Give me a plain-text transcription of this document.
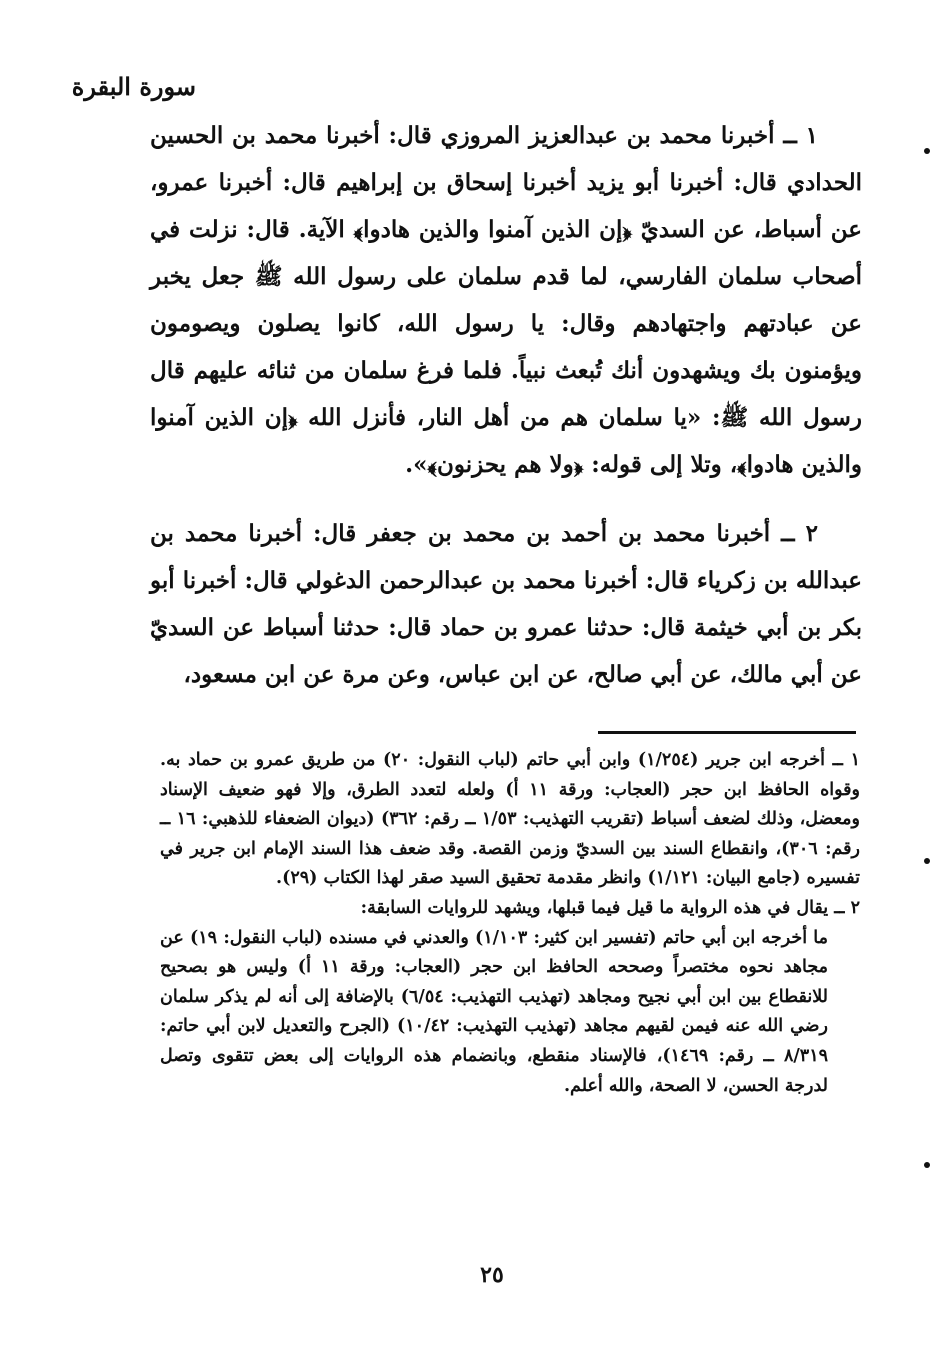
سورة البقرة

١ ــ أخبرنا محمد بن عبدالعزيز المروزي قال: أخبرنا محمد بن الحسين الحدادي قال: أخبرنا أبو يزيد أخبرنا إسحاق بن إبراهيم قال: أخبرنا عمرو، عن أسباط، عن السديّ ﴿إن الذين آمنوا والذين هادوا﴾ الآية. قال: نزلت في أصحاب سلمان الفارسي، لما قدم سلمان على رسول الله ﷺ جعل يخبر عن عبادتهم واجتهادهم وقال: يا رسول الله، كانوا يصلون ويصومون ويؤمنون بك ويشهدون أنك تُبعث نبياً. فلما فرغ سلمان من ثنائه عليهم قال رسول الله ﷺ: «يا سلمان هم من أهل النار، فأنزل الله ﴿إن الذين آمنوا والذين هادوا﴾، وتلا إلى قوله: ﴿ولا هم يحزنون﴾».

٢ ــ أخبرنا محمد بن أحمد بن محمد بن جعفر قال: أخبرنا محمد بن عبدالله بن زكرياء قال: أخبرنا محمد بن عبدالرحمن الدغولي قال: أخبرنا أبو بكر بن أبي خيثمة قال: حدثنا عمرو بن حماد قال: حدثنا أسباط عن السديّ عن أبي مالك، عن أبي صالح، عن ابن عباس، وعن مرة عن ابن مسعود،

١ ــ أخرجه ابن جرير (١/٢٥٤) وابن أبي حاتم (لباب النقول: ٢٠) من طريق عمرو بن حماد به. وقواه الحافظ ابن حجر (العجاب: ورقة ١١ أ) ولعله لتعدد الطرق، وإلا فهو ضعيف الإسناد ومعضل، وذلك لضعف أسباط (تقريب التهذيب: ١/٥٣ ــ رقم: ٣٦٢) (ديوان الضعفاء للذهبي: ١٦ ــ رقم: ٣٠٦)، وانقطاع السند بين السديّ وزمن القصة. وقد ضعف هذا السند الإمام ابن جرير في تفسيره (جامع البيان: ١/١٢١) وانظر مقدمة تحقيق السيد صقر لهذا الكتاب (٢٩).

٢ ــ يقال في هذه الرواية ما قيل فيما قبلها، ويشهد للروايات السابقة:

ما أخرجه ابن أبي حاتم (تفسير ابن كثير: ١/١٠٣) والعدني في مسنده (لباب النقول: ١٩) عن مجاهد نحوه مختصراً وصححه الحافظ ابن حجر (العجاب: ورقة ١١ أ) وليس هو بصحيح للانقطاع بين ابن أبي نجيح ومجاهد (تهذيب التهذيب: ٦/٥٤) بالإضافة إلى أنه لم يذكر سلمان رضي الله عنه فيمن لقيهم مجاهد (تهذيب التهذيب: ١٠/٤٢) (الجرح والتعديل لابن أبي حاتم: ٨/٣١٩ ــ رقم: ١٤٦٩)، فالإسناد منقطع، وبانضمام هذه الروايات إلى بعض تتقوى وتصل لدرجة الحسن، لا الصحة، والله أعلم.

٢٥
